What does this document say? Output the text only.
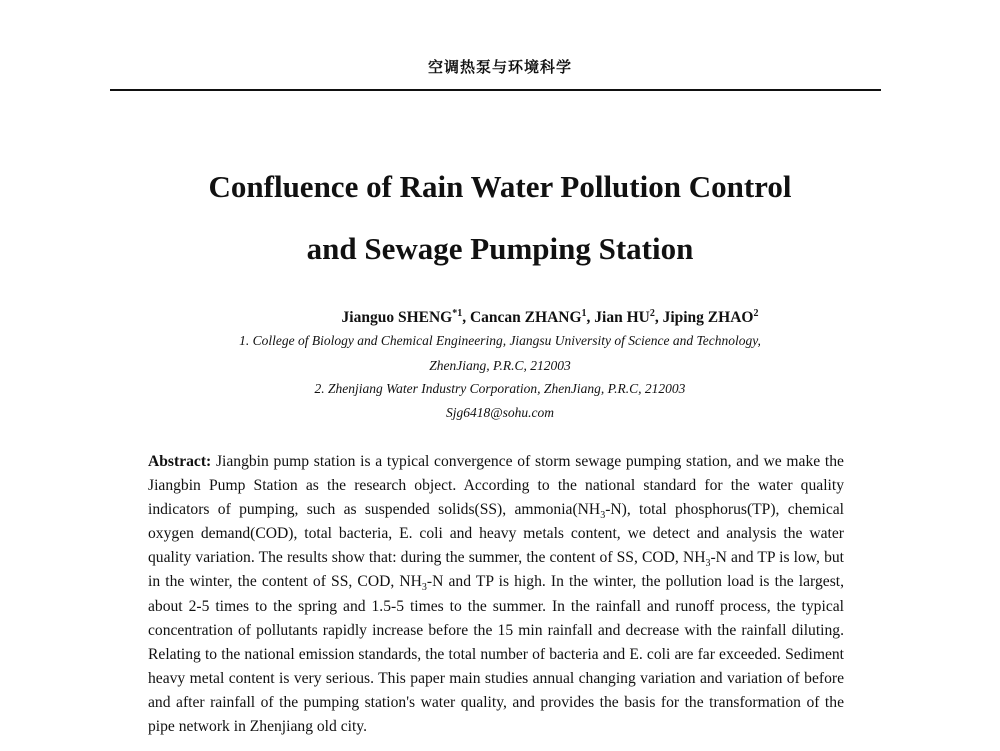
空调热泵与环境科学
Confluence of Rain Water Pollution Control
and Sewage Pumping Station
Jianguo SHENG$^{*1}$, Cancan ZHANG$^1$, Jian $HU^2$, Jiping ZHAO$^2$
1. College of Biology and Chemical Engineering, Jiangsu University of Science and Technology,
ZhenJiang, P.R.C, 212003
2. Zhenjiang Water Industry Corporation, ZhenJiang, P.R.C, 212003
Sjg6418@sohu.com

Abstract: Jiangbin pump station is a typical convergence of storm sewage pumping station, and we make the Jiangbin Pump Station as the research object. According to the national standard for the water quality indicators of pumping, such as suspended solids(SS), $ammonia(NH_3-N)$, total phosphorus(TP), chemical oxygen demand(COD), total bacteria, E. coli and heavy metals content, we detect and analysis the water quality variation. The results show that: during the summer, the content of SS, COD, $NH_3-N$ and TP is low, but in the winter, the content of SS, COD, $NH_3-N$ and TP is high. In the winter, the pollution load is the largest, about 2-5 times to the spring and 1.5-5 times to the summer. In the rainfall and runoff process, the typical concentration of pollutants rapidly increase before the 15 min rainfall and decrease with the rainfall diluting. Relating to the national emission standards, the total number of bacteria and E. coli are far exceeded. Sediment heavy metal content is very serious. This paper main studies annual changing variation and variation of before and after rainfall of the pumping station's water quality, and provides the basis for the transformation of the pipe network in Zhenjiang old city.
